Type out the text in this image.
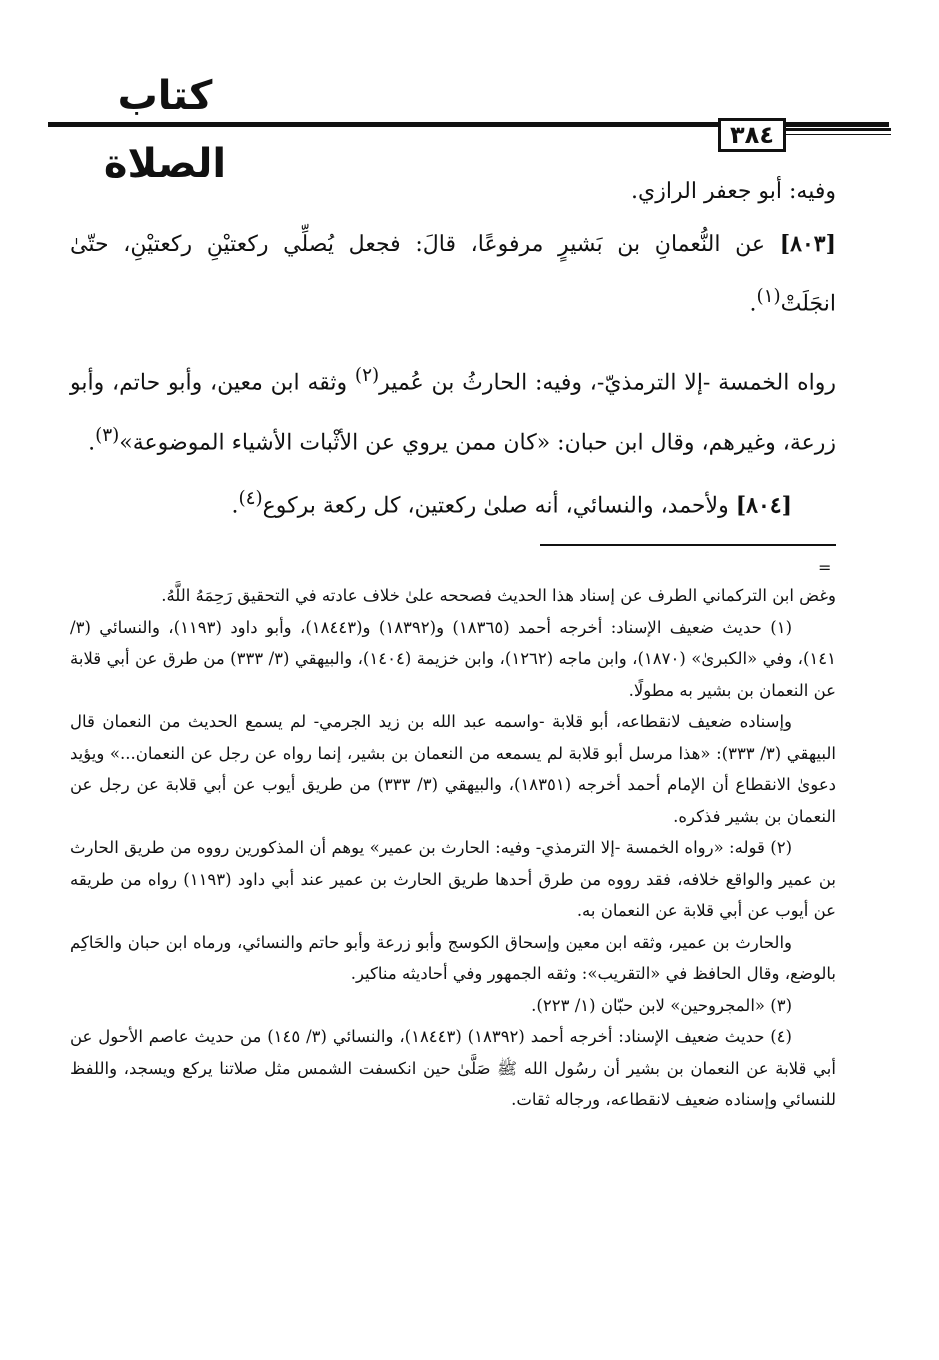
كتاب الصلاة
٣٨٤

وفيه: أبو جعفر الرازي.

[٨٠٣] عن النُّعمانِ بن بَشيرٍ مرفوعًا، قالَ: فجعل يُصلِّي ركعتيْنِ ركعتيْنِ، حتّىٰ انجَلَتْ$^{(١)}$.

رواه الخمسة -إلا الترمذيّ-، وفيه: الحارثُ بن عُمير$^{(٢)}$ وثقه ابن معين، وأبو حاتم، وأبو زرعة، وغيرهم، وقال ابن حبان: «كان ممن يروي عن الأثْبات الأشياء الموضوعة»$^{(٣)}$.

[٨٠٤] ولأحمد، والنسائي، أنه صلىٰ ركعتين، كل ركعة بركوع$^{(٤)}$.

=

وغض ابن التركماني الطرف عن إسناد هذا الحديث فصححه علىٰ خلاف عادته في التحقيق رَحِمَهُ اللَّهُ.

(١) حديث ضعيف الإسناد: أخرجه أحمد (١٨٣٦٥) و(١٨٣٩٢) و(١٨٤٤٣)، وأبو داود (١١٩٣)، والنسائي (٣/ ١٤١)، وفي «الكبرىٰ» (١٨٧٠)، وابن ماجه (١٢٦٢)، وابن خزيمة (١٤٠٤)، والبيهقي (٣/ ٣٣٣) من طرق عن أبي قلابة عن النعمان بن بشير به مطولًا.

وإسناده ضعيف لانقطاعه، أبو قلابة -واسمه عبد الله بن زيد الجرمي- لم يسمع الحديث من النعمان قال البيهقي (٣/ ٣٣٣): «هذا مرسل أبو قلابة لم يسمعه من النعمان بن بشير، إنما رواه عن رجل عن النعمان...» ويؤيد دعوىٰ الانقطاع أن الإمام أحمد أخرجه (١٨٣٥١)، والبيهقي (٣/ ٣٣٣) من طريق أيوب عن أبي قلابة عن رجل عن النعمان بن بشير فذكره.

(٢) قوله: «رواه الخمسة -إلا الترمذي- وفيه: الحارث بن عمير» يوهم أن المذكورين رووه من طريق الحارث بن عمير والواقع خلافه، فقد رووه من طرق أحدها طريق الحارث بن عمير عند أبي داود (١١٩٣) رواه من طريقه عن أيوب عن أبي قلابة عن النعمان به.

والحارث بن عمير، وثقه ابن معين وإسحاق الكوسج وأبو زرعة وأبو حاتم والنسائي، ورماه ابن حبان والحَاكِم بالوضع، وقال الحافظ في «التقريب»: وثقه الجمهور وفي أحاديثه مناكير.

(٣) «المجروحين» لابن حبّان (١/ ٢٢٣).

(٤) حديث ضعيف الإسناد: أخرجه أحمد (١٨٣٩٢) (١٨٤٤٣)، والنسائي (٣/ ١٤٥) من حديث عاصم الأحول عن أبي قلابة عن النعمان بن بشير أن رسُول الله ﷺ صَلَّىٰ حين انكسفت الشمس مثل صلاتنا يركع ويسجد، واللفظ للنسائي وإسناده ضعيف لانقطاعه، ورجاله ثقات.
